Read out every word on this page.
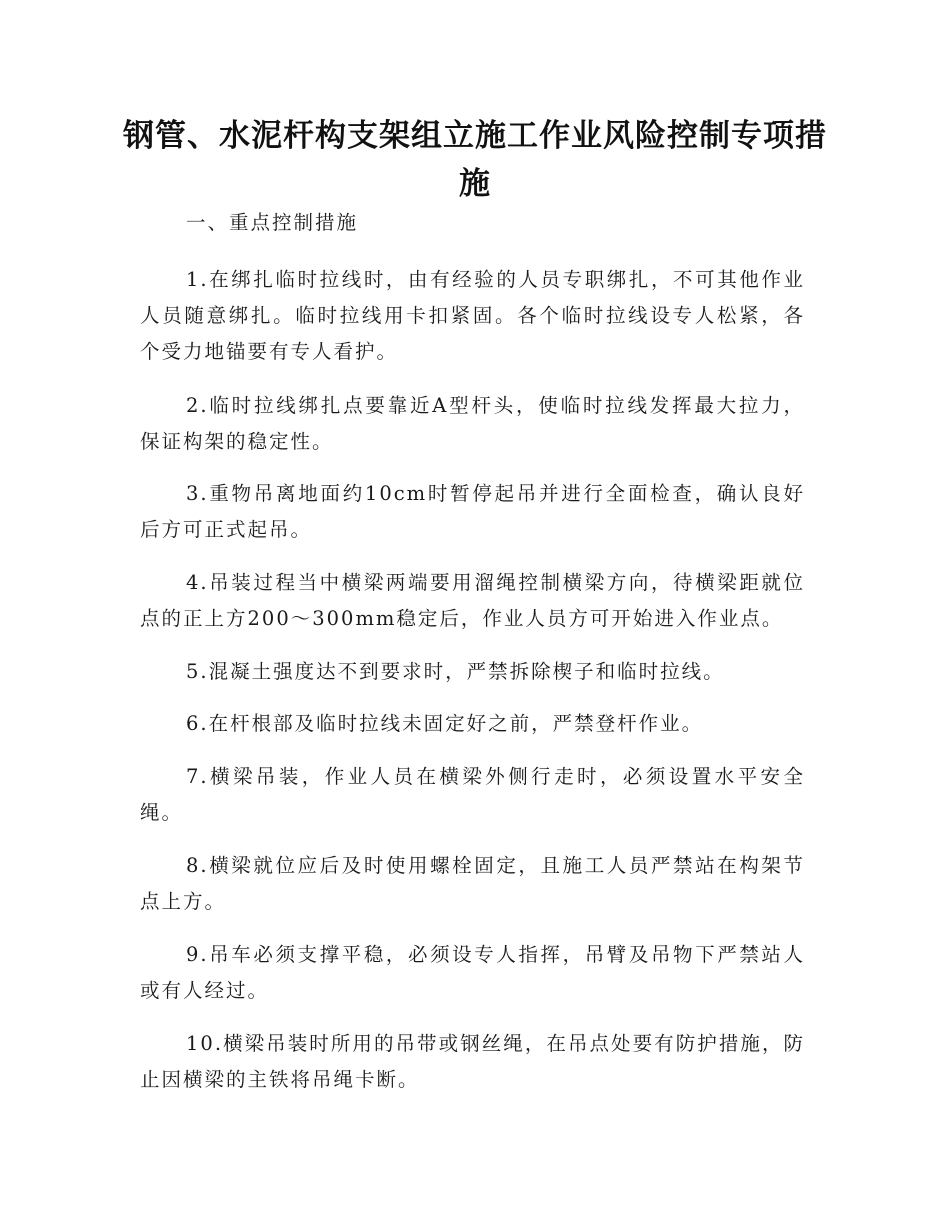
钢管、水泥杆构支架组立施工作业风险控制专项措施
一、重点控制措施

1.在绑扎临时拉线时，由有经验的人员专职绑扎，不可其他作业人员随意绑扎。临时拉线用卡扣紧固。各个临时拉线设专人松紧，各个受力地锚要有专人看护。

2.临时拉线绑扎点要靠近A型杆头，使临时拉线发挥最大拉力，保证构架的稳定性。

3.重物吊离地面约10cm时暂停起吊并进行全面检查，确认良好后方可正式起吊。

4.吊装过程当中横梁两端要用溜绳控制横梁方向，待横梁距就位点的正上方200～300mm稳定后，作业人员方可开始进入作业点。

5.混凝土强度达不到要求时，严禁拆除楔子和临时拉线。

6.在杆根部及临时拉线未固定好之前，严禁登杆作业。

7.横梁吊装，作业人员在横梁外侧行走时，必须设置水平安全绳。

8.横梁就位应后及时使用螺栓固定，且施工人员严禁站在构架节点上方。

9.吊车必须支撑平稳，必须设专人指挥，吊臂及吊物下严禁站人或有人经过。

10.横梁吊装时所用的吊带或钢丝绳，在吊点处要有防护措施，防止因横梁的主铁将吊绳卡断。
